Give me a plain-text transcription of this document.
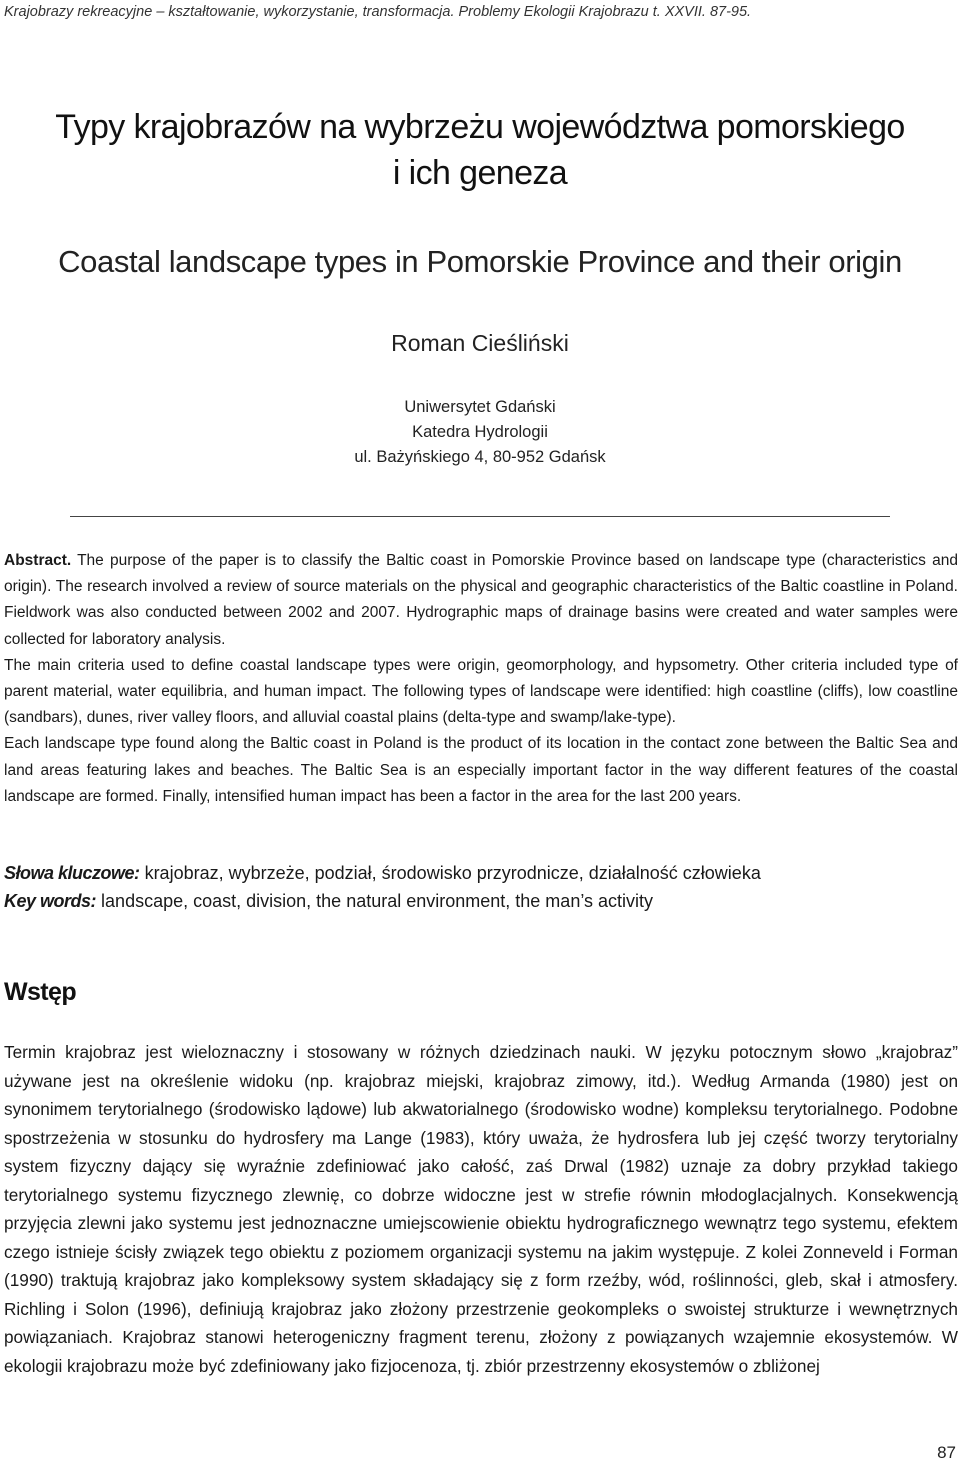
Krajobrazy rekreacyjne – kształtowanie, wykorzystanie, transformacja. Problemy Ekologii Krajobrazu t. XXVII. 87-95.
Typy krajobrazów na wybrzeżu województwa pomorskiego
i ich geneza
Coastal landscape types in Pomorskie Province and their origin
Roman Cieśliński
Uniwersytet Gdański
Katedra Hydrologii
ul. Bażyńskiego 4, 80-952 Gdańsk

Abstract. The purpose of the paper is to classify the Baltic coast in Pomorskie Province based on landscape type (characteristics and origin). The research involved a review of source materials on the physical and geographic characteristics of the Baltic coastline in Poland. Fieldwork was also conducted between 2002 and 2007. Hydrographic maps of drainage basins were created and water samples were collected for laboratory analysis.

The main criteria used to define coastal landscape types were origin, geomorphology, and hypsometry. Other criteria included type of parent material, water equilibria, and human impact. The following types of landscape were identified: high coastline (cliffs), low coastline (sandbars), dunes, river valley floors, and alluvial coastal plains (delta-type and swamp/lake-type).

Each landscape type found along the Baltic coast in Poland is the product of its location in the contact zone between the Baltic Sea and land areas featuring lakes and beaches. The Baltic Sea is an especially important factor in the way different features of the coastal landscape are formed. Finally, intensified human impact has been a factor in the area for the last 200 years.

Słowa kluczowe: krajobraz, wybrzeże, podział, środowisko przyrodnicze, działalność człowieka
Key words: landscape, coast, division, the natural environment, the man’s activity
Wstęp

Termin krajobraz jest wieloznaczny i stosowany w różnych dziedzinach nauki. W języku potocznym słowo „krajobraz” używane jest na określenie widoku (np. krajobraz miejski, krajobraz zimowy, itd.). Według Armanda (1980) jest on synonimem terytorialnego (środowisko lądowe) lub akwatorialnego (środowisko wodne) kompleksu terytorialnego. Podobne spostrzeżenia w stosunku do hydrosfery ma Lange (1983), który uważa, że hydrosfera lub jej część tworzy terytorialny system fizyczny dający się wyraźnie zdefiniować jako całość, zaś Drwal (1982) uznaje za dobry przykład takiego terytorialnego systemu fizycznego zlewnię, co dobrze widoczne jest w strefie równin młodoglacjalnych. Konsekwencją przyjęcia zlewni jako systemu jest jednoznaczne umiejscowienie obiektu hydrograficznego wewnątrz tego systemu, efektem czego istnieje ścisły związek tego obiektu z poziomem organizacji systemu na jakim występuje. Z kolei Zonneveld i Forman (1990) traktują krajobraz jako kompleksowy system składający się z form rzeźby, wód, roślinności, gleb, skał i atmosfery. Richling i Solon (1996), definiują krajobraz jako złożony przestrzenie geokompleks o swoistej strukturze i wewnętrznych powiązaniach. Krajobraz stanowi heterogeniczny fragment terenu, złożony z powiązanych wzajemnie ekosystemów. W ekologii krajobrazu może być zdefiniowany jako fizjocenoza, tj. zbiór przestrzenny ekosystemów o zbliżonej

87
